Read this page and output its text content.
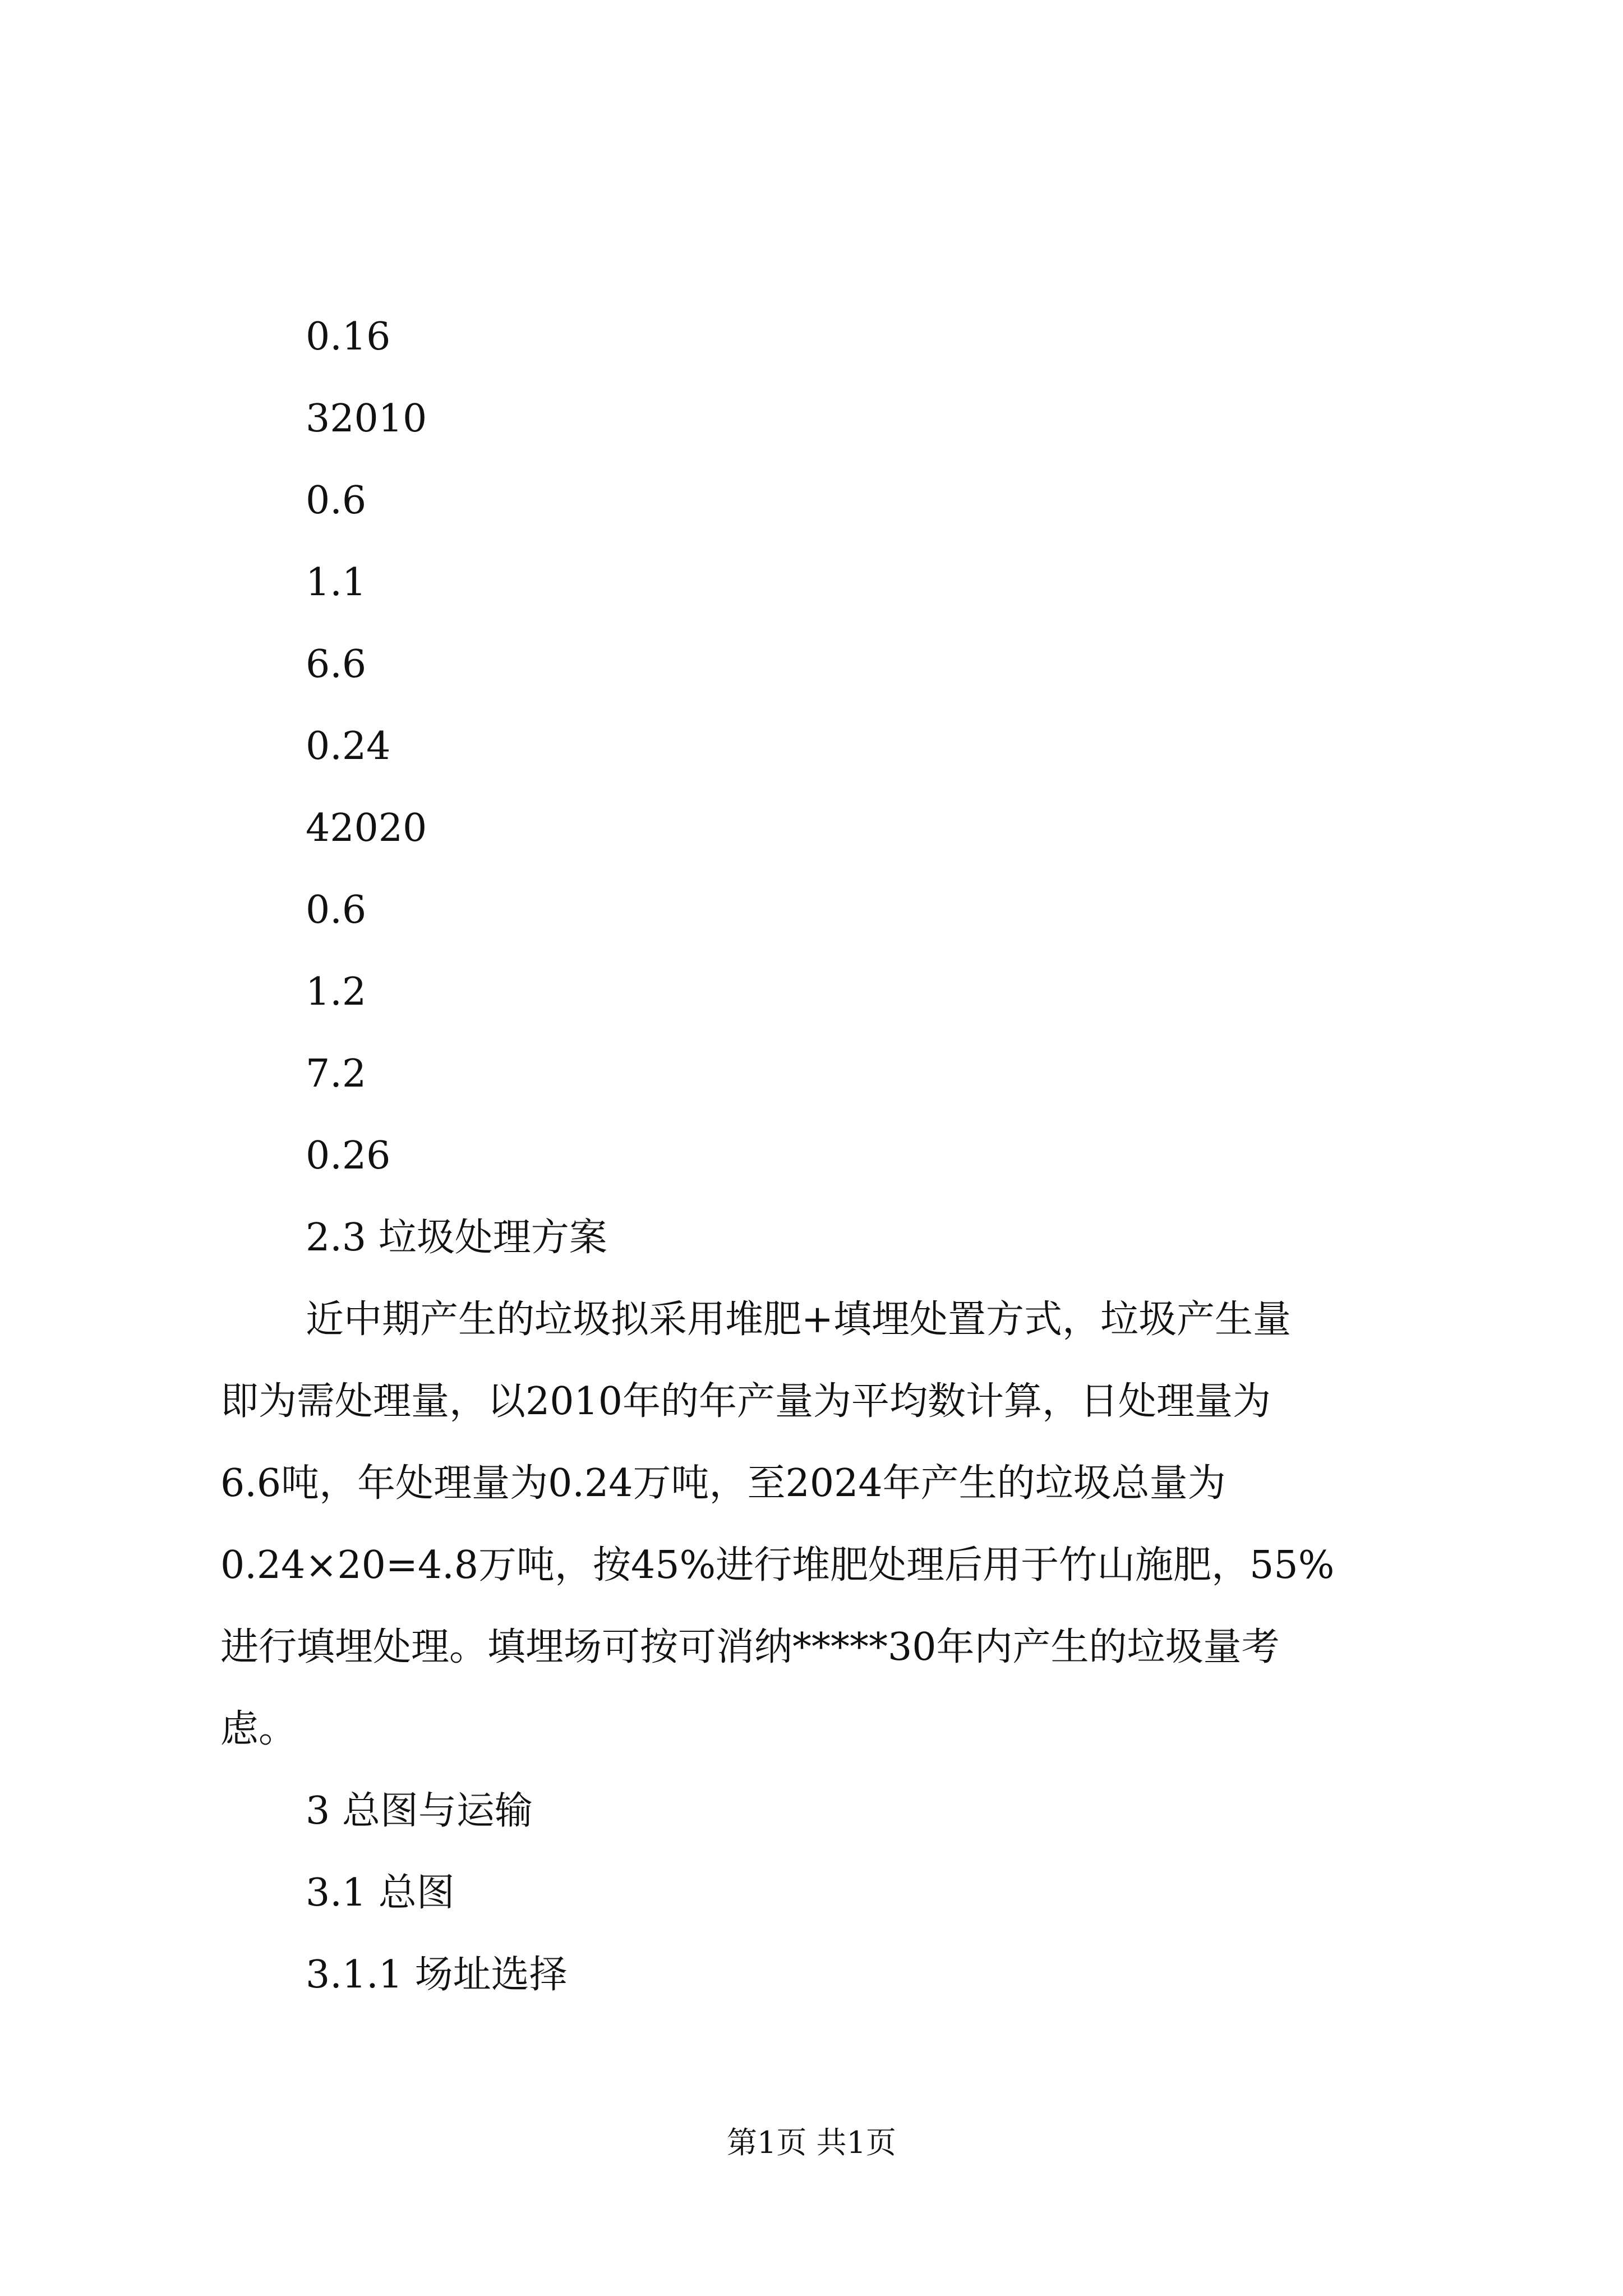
0.16
32010
0.6
1.1
6.6
0.24
42020
0.6
1.2
7.2
0.26
2.3 垃圾处理方案
近中期产生的垃圾拟采用堆肥+填埋处置方式，垃圾产生量
即为需处理量，以2010年的年产量为平均数计算，日处理量为
6.6吨，年处理量为0.24万吨，至2024年产生的垃圾总量为
0.24×20=4.8万吨，按45%进行堆肥处理后用于竹山施肥，55%
进行填埋处理。填埋场可按可消纳*****30年内产生的垃圾量考
虑。
3 总图与运输
3.1 总图
3.1.1 场址选择
第1页 共1页
